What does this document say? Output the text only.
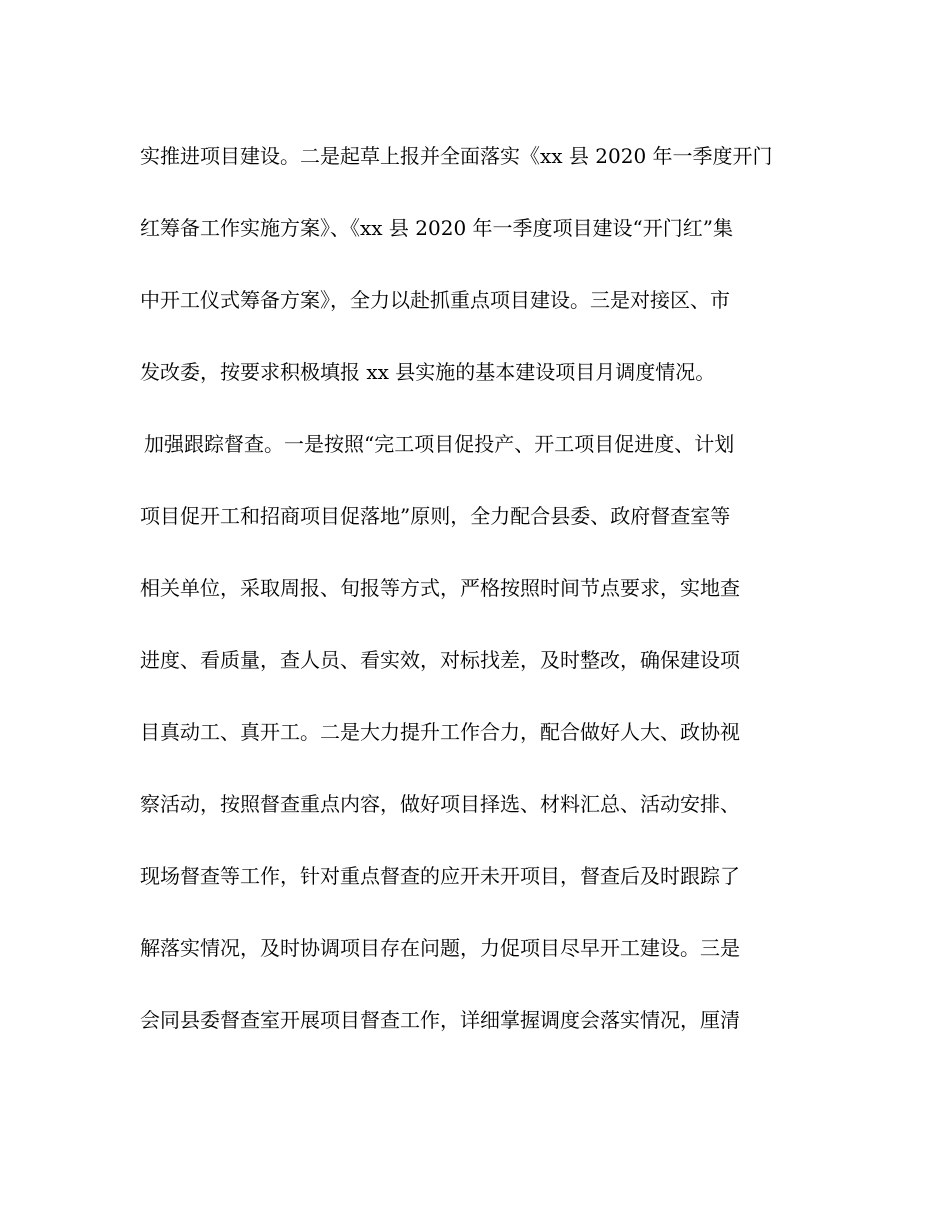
实推进项目建设。二是起草上报并全面落实《xx 县 2020 年一季度开门
红筹备工作实施方案》、《xx 县 2020 年一季度项目建设“开门红”集
中开工仪式筹备方案》，全力以赴抓重点项目建设。三是对接区、市
发改委，按要求积极填报 xx 县实施的基本建设项目月调度情况。
加强跟踪督查。一是按照“完工项目促投产、开工项目促进度、计划
项目促开工和招商项目促落地”原则，全力配合县委、政府督查室等
相关单位，采取周报、旬报等方式，严格按照时间节点要求，实地查
进度、看质量，查人员、看实效，对标找差，及时整改，确保建设项
目真动工、真开工。二是大力提升工作合力，配合做好人大、政协视
察活动，按照督查重点内容，做好项目择选、材料汇总、活动安排、
现场督查等工作，针对重点督查的应开未开项目，督查后及时跟踪了
解落实情况，及时协调项目存在问题，力促项目尽早开工建设。三是
会同县委督查室开展项目督查工作，详细掌握调度会落实情况，厘清
